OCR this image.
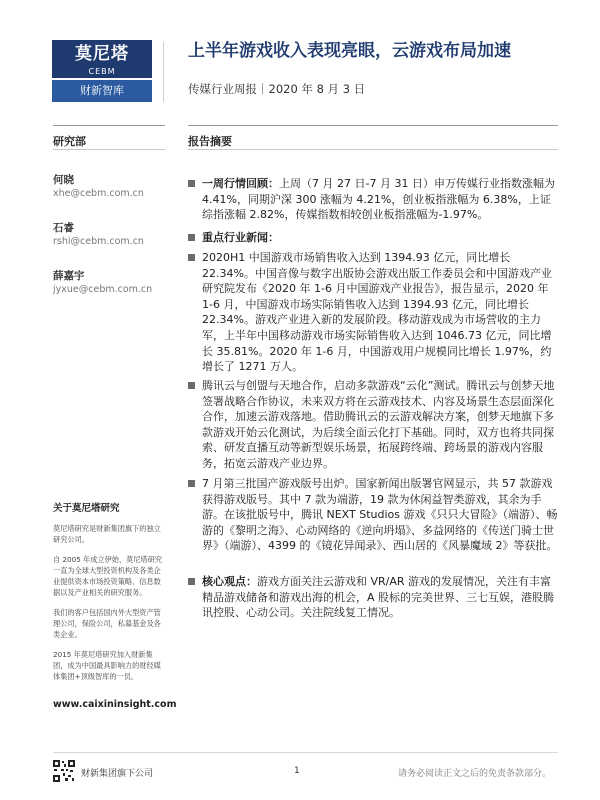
莫尼塔
CEBM
财新智库
上半年游戏收入表现亮眼，云游戏布局加速
传媒行业周报｜2020 年 8 月 3 日
研究部	报告摘要
何晓
xhe@cebm.com.cn
石睿
rshi@cebm.com.cn
薛嘉宇
jyxue@cebm.com.cn
关于莫尼塔研究

莫尼塔研究是财新集团旗下的独立研究公司。

自 2005 年成立伊始，莫尼塔研究一直为全球大型投资机构及各类企业提供资本市场投资策略、信息数据以及产业相关的研究服务。

我们的客户包括国内外大型资产管理公司，保险公司，私募基金及各类企业。

2015 年莫尼塔研究加入财新集团，成为中国最具影响力的财经媒体集团+顶级智库的一员。

www.caixininsight.com
一周行情回顾：上周（7 月 27 日-7 月 31 日）申万传媒行业指数涨幅为 4.41%，同期沪深 300 涨幅为 4.21%，创业板指涨幅为 6.38%，上证综指涨幅 2.82%，传媒指数相较创业板指涨幅为-1.97%。
重点行业新闻：
2020H1 中国游戏市场销售收入达到 1394.93 亿元，同比增长 22.34%。中国音像与数字出版协会游戏出版工作委员会和中国游戏产业研究院发布《2020 年 1-6 月中国游戏产业报告》，报告显示，2020 年 1-6 月，中国游戏市场实际销售收入达到 1394.93 亿元，同比增长 22.34%。游戏产业进入新的发展阶段。移动游戏成为市场营收的主力军，上半年中国移动游戏市场实际销售收入达到 1046.73 亿元，同比增长 35.81%。2020 年 1-6 月，中国游戏用户规模同比增长 1.97%，约增长了 1271 万人。
腾讯云与创盟与天地合作，启动多款游戏“云化”测试。腾讯云与创梦天地签署战略合作协议，未来双方将在云游戏技术、内容及场景生态层面深化合作，加速云游戏落地。借助腾讯云的云游戏解决方案，创梦天地旗下多款游戏开始云化测试，为后续全面云化打下基础。同时，双方也将共同探索、研发直播互动等新型娱乐场景，拓展跨终端、跨场景的游戏内容服务，拓宽云游戏产业边界。
7 月第三批国产游戏版号出炉。国家新闻出版署官网显示，共 57 款游戏获得游戏版号。其中 7 款为端游，19 款为休闲益智类游戏，其余为手游。在该批版号中，腾讯 NEXT Studios 游戏《只只大冒险》（端游）、畅游的《黎明之海》、心动网络的《逆向坍塌》、多益网络的《传送门骑士世界》（端游）、4399 的《镜花异闻录》、西山居的《风暴魔域 2》等获批。
核心观点：游戏方面关注云游戏和 VR/AR 游戏的发展情况，关注有丰富精品游戏储备和游戏出海的机会，A 股标的完美世界、三七互娱，港股腾讯控股、心动公司。关注院线复工情况。
财新集团旗下公司	1	请务必阅读正文之后的免责条款部分。
